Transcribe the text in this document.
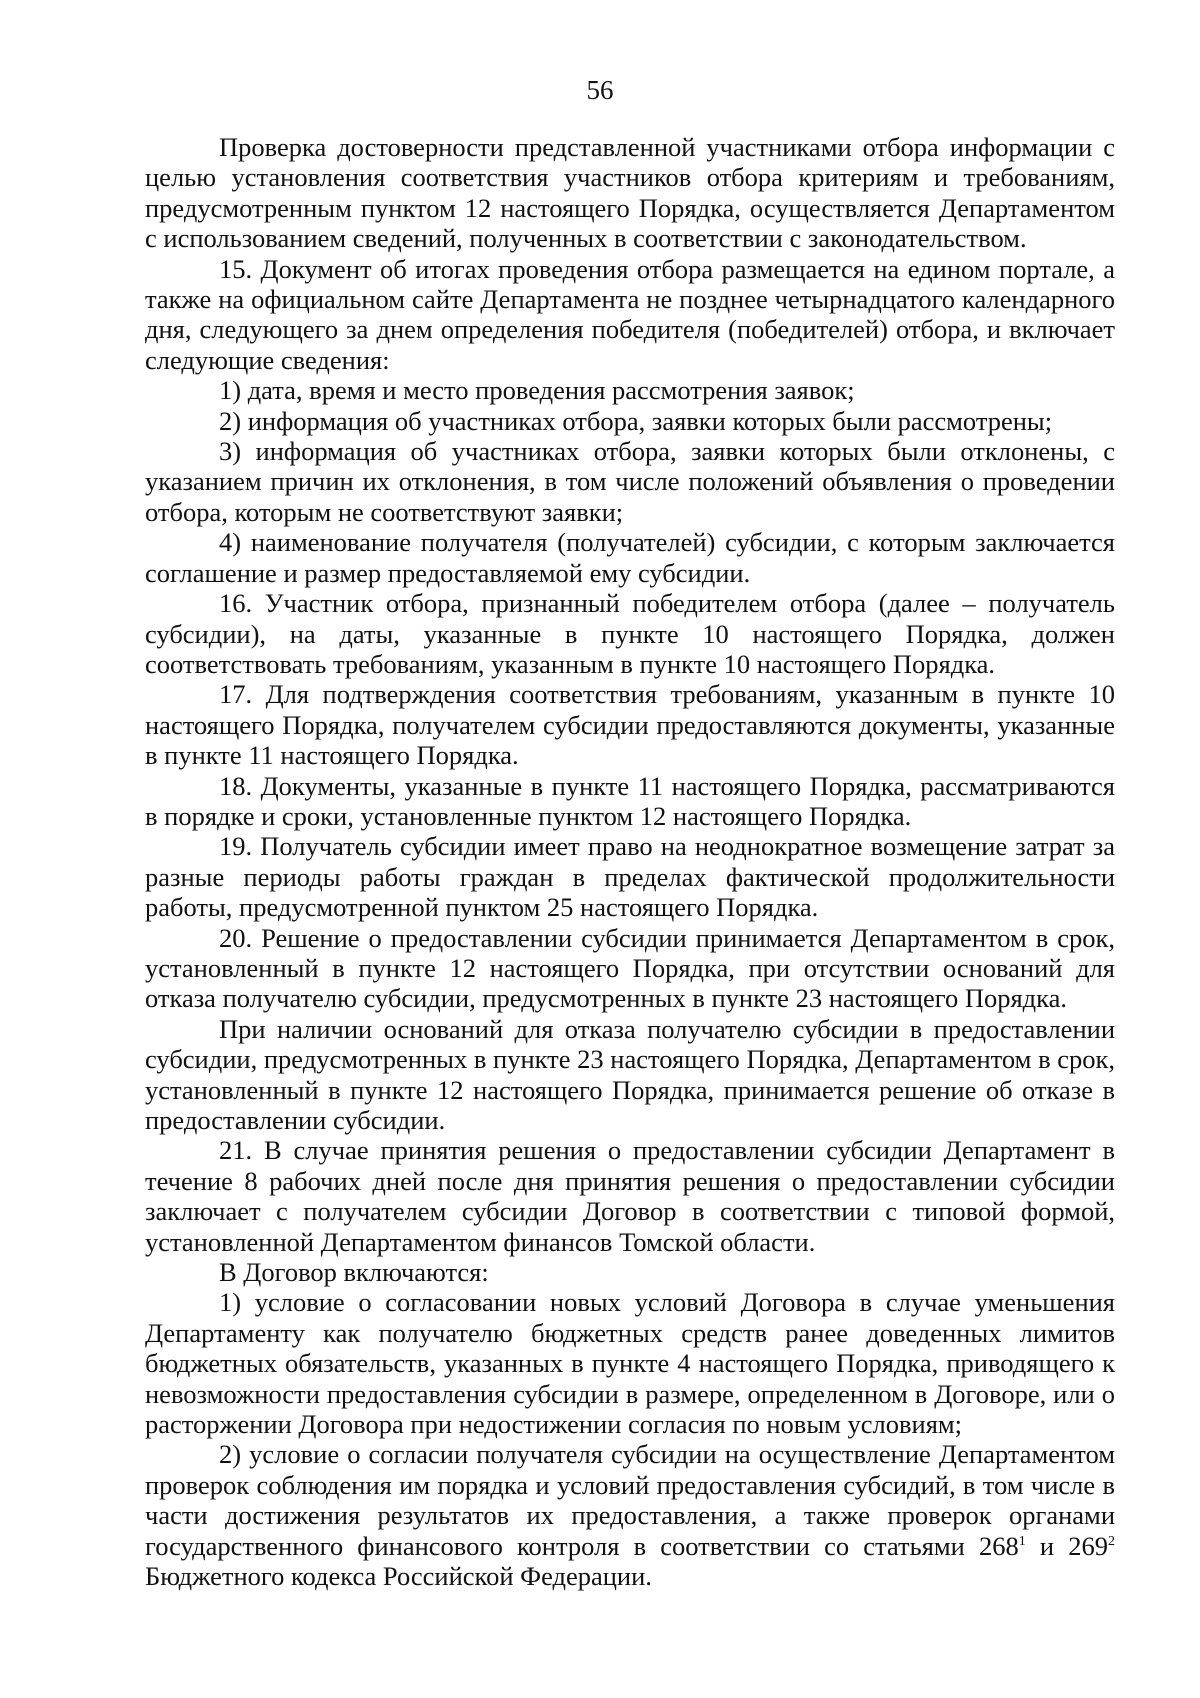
56

Проверка достоверности представленной участниками отбора информации с целью установления соответствия участников отбора критериям и требованиям, предусмотренным пунктом 12 настоящего Порядка, осуществляется Департаментом с использованием сведений, полученных в соответствии с законодательством.

15. Документ об итогах проведения отбора размещается на едином портале, а также на официальном сайте Департамента не позднее четырнадцатого календарного дня, следующего за днем определения победителя (победителей) отбора, и включает следующие сведения:

1) дата, время и место проведения рассмотрения заявок;

2) информация об участниках отбора, заявки которых были рассмотрены;

3) информация об участниках отбора, заявки которых были отклонены, с указанием причин их отклонения, в том числе положений объявления о проведении отбора, которым не соответствуют заявки;

4) наименование получателя (получателей) субсидии, с которым заключается соглашение и размер предоставляемой ему субсидии.

16. Участник отбора, признанный победителем отбора (далее – получатель субсидии), на даты, указанные в пункте 10 настоящего Порядка, должен соответствовать требованиям, указанным в пункте 10 настоящего Порядка.

17. Для подтверждения соответствия требованиям, указанным в пункте 10 настоящего Порядка, получателем субсидии предоставляются документы, указанные в пункте 11 настоящего Порядка.

18. Документы, указанные в пункте 11 настоящего Порядка, рассматриваются в порядке и сроки, установленные пунктом 12 настоящего Порядка.

19. Получатель субсидии имеет право на неоднократное возмещение затрат за разные периоды работы граждан в пределах фактической продолжительности работы, предусмотренной пунктом 25 настоящего Порядка.

20. Решение о предоставлении субсидии принимается Департаментом в срок, установленный в пункте 12 настоящего Порядка, при отсутствии оснований для отказа получателю субсидии, предусмотренных в пункте 23 настоящего Порядка.

При наличии оснований для отказа получателю субсидии в предоставлении субсидии, предусмотренных в пункте 23 настоящего Порядка, Департаментом в срок, установленный в пункте 12 настоящего Порядка, принимается решение об отказе в предоставлении субсидии.

21. В случае принятия решения о предоставлении субсидии Департамент в течение 8 рабочих дней после дня принятия решения о предоставлении субсидии заключает с получателем субсидии Договор в соответствии с типовой формой, установленной Департаментом финансов Томской области.

В Договор включаются:

1) условие о согласовании новых условий Договора в случае уменьшения Департаменту как получателю бюджетных средств ранее доведенных лимитов бюджетных обязательств, указанных в пункте 4 настоящего Порядка, приводящего к невозможности предоставления субсидии в размере, определенном в Договоре, или о расторжении Договора при недостижении согласия по новым условиям;

2) условие о согласии получателя субсидии на осуществление Департаментом проверок соблюдения им порядка и условий предоставления субсидий, в том числе в части достижения результатов их предоставления, а также проверок органами государственного финансового контроля в соответствии со статьями $268^1$ и $269^2$ Бюджетного кодекса Российской Федерации.
